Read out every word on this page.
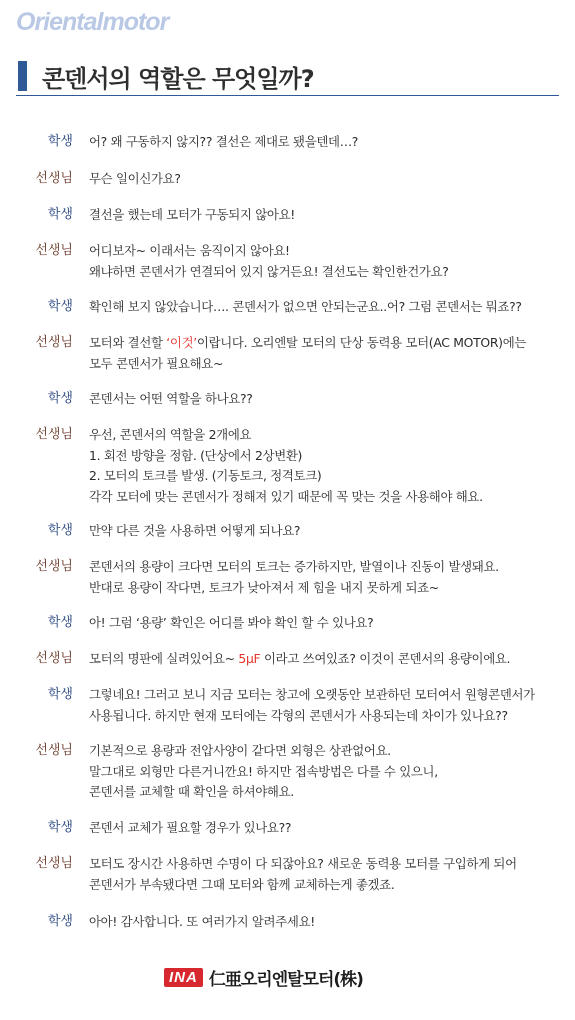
Orientalmotor
콘덴서의 역할은 무엇일까?
학생 어? 왜 구동하지 않지?? 결선은 제대로 됐을텐데…?
선생님 무슨 일이신가요?
학생 결선을 했는데 모터가 구동되지 않아요!
선생님 어디보자~ 이래서는 움직이지 않아요!
왜냐하면 콘덴서가 연결되어 있지 않거든요! 결선도는 확인한건가요?
학생 확인해 보지 않았습니다…. 콘덴서가 없으면 안되는군요..어? 그럼 콘덴서는 뭐죠??
선생님 모터와 결선할 ‘이것’이랍니다. 오리엔탈 모터의 단상 동력용 모터(AC MOTOR)에는
모두 콘덴서가 필요해요~
학생 콘덴서는 어떤 역할을 하나요??
선생님 우선, 콘덴서의 역할을 2개에요
1. 회전 방향을 정함. (단상에서 2상변환)
2. 모터의 토크를 발생. (기동토크, 정격토크)
각각 모터에 맞는 콘덴서가 정해져 있기 때문에 꼭 맞는 것을 사용해야 해요.
학생 만약 다른 것을 사용하면 어떻게 되나요?
선생님 콘덴서의 용량이 크다면 모터의 토크는 증가하지만, 발열이나 진동이 발생돼요.
반대로 용량이 작다면, 토크가 낮아져서 제 힘을 내지 못하게 되죠~
학생 아! 그럼 ‘용량’ 확인은 어디를 봐야 확인 할 수 있나요?
선생님 모터의 명판에 실려있어요~ 5μF 이라고 쓰여있죠? 이것이 콘덴서의 용량이에요.
학생 그렇네요! 그러고 보니 지금 모터는 창고에 오랫동안 보관하던 모터여서 원형콘덴서가
사용됩니다. 하지만 현재 모터에는 각형의 콘덴서가 사용되는데 차이가 있나요??
선생님 기본적으로 용량과 전압사양이 같다면 외형은 상관없어요.
말그대로 외형만 다른거니깐요! 하지만 접속방법은 다를 수 있으니,
콘덴서를 교체할 때 확인을 하셔야해요.
학생 콘덴서 교체가 필요할 경우가 있나요??
선생님 모터도 장시간 사용하면 수명이 다 되잖아요? 새로운 동력용 모터를 구입하게 되어
콘덴서가 부속됐다면 그때 모터와 함께 교체하는게 좋겠죠.
학생 아아! 감사합니다. 또 여러가지 알려주세요!
INA 仁亜오리엔탈모터(株)
